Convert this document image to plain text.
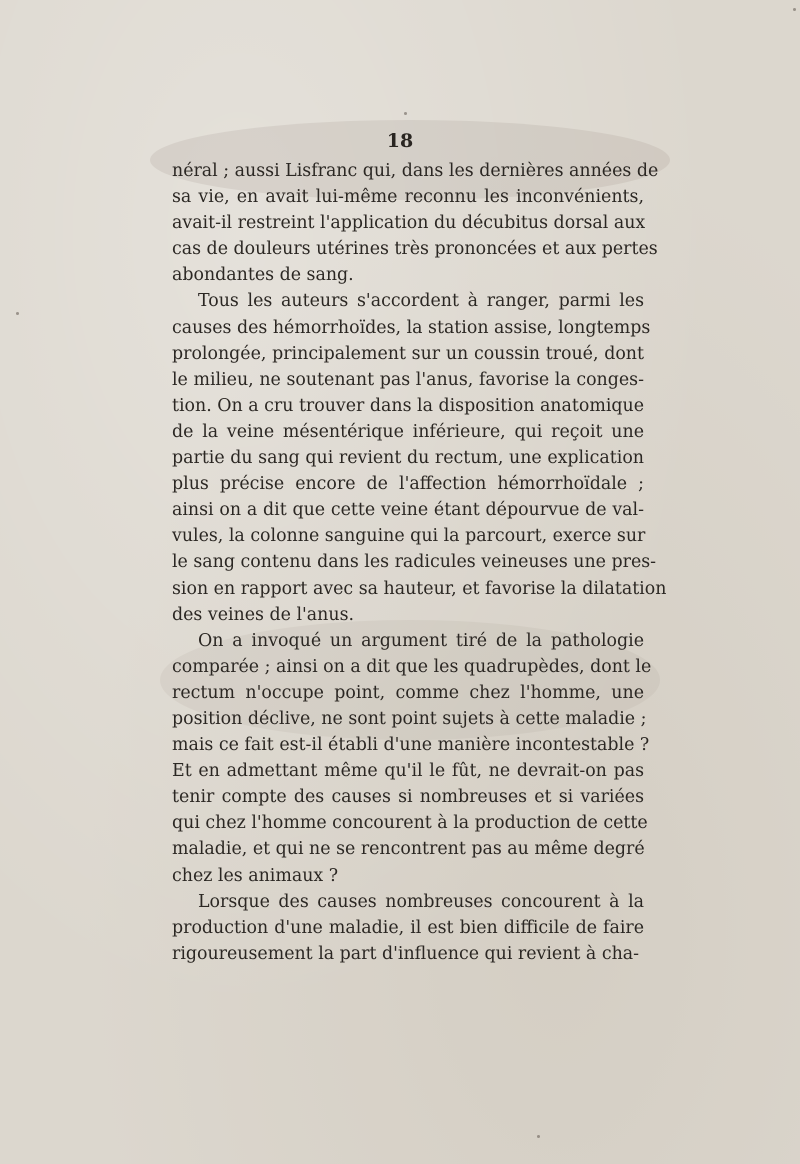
18
néral ; aussi Lisfranc qui, dans les dernières années de
sa vie, en avait lui-même reconnu les inconvénients,
avait-il restreint l'application du décubitus dorsal aux
cas de douleurs utérines très prononcées et aux pertes
abondantes de sang.
Tous les auteurs s'accordent à ranger, parmi les
causes des hémorrhoïdes, la station assise, longtemps
prolongée, principalement sur un coussin troué, dont
le milieu, ne soutenant pas l'anus, favorise la conges-
tion. On a cru trouver dans la disposition anatomique
de la veine mésentérique inférieure, qui reçoit une
partie du sang qui revient du rectum, une explication
plus précise encore de l'affection hémorrhoïdale ;
ainsi on a dit que cette veine étant dépourvue de val-
vules, la colonne sanguine qui la parcourt, exerce sur
le sang contenu dans les radicules veineuses une pres-
sion en rapport avec sa hauteur, et favorise la dilatation
des veines de l'anus.
On a invoqué un argument tiré de la pathologie
comparée ; ainsi on a dit que les quadrupèdes, dont le
rectum n'occupe point, comme chez l'homme, une
position déclive, ne sont point sujets à cette maladie ;
mais ce fait est-il établi d'une manière incontestable ?
Et en admettant même qu'il le fût, ne devrait-on pas
tenir compte des causes si nombreuses et si variées
qui chez l'homme concourent à la production de cette
maladie, et qui ne se rencontrent pas au même degré
chez les animaux ?
Lorsque des causes nombreuses concourent à la
production d'une maladie, il est bien difficile de faire
rigoureusement la part d'influence qui revient à cha-
